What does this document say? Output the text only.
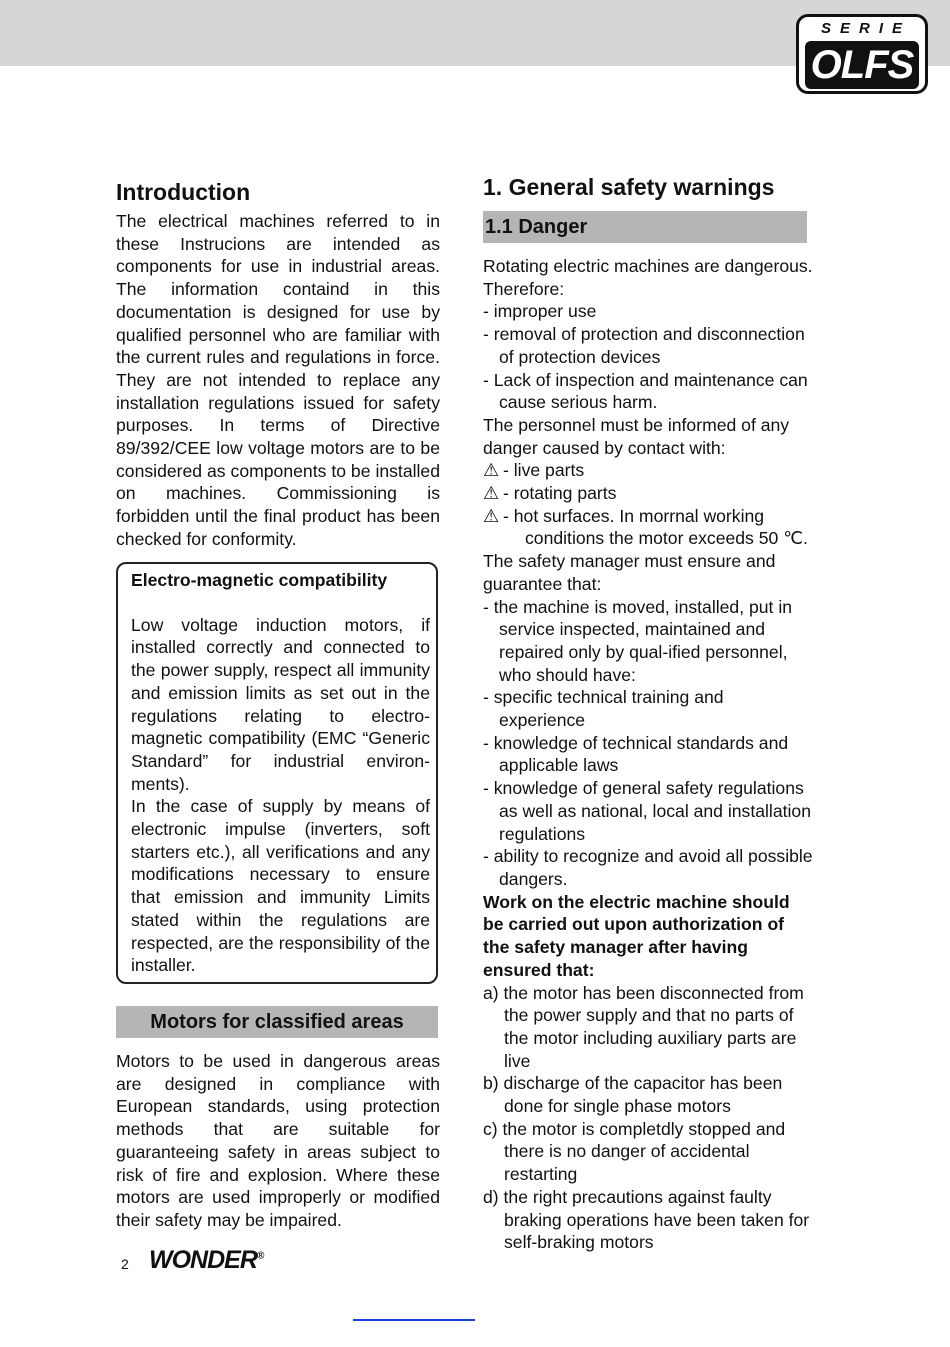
SERIE
OLFS
Introduction

The electrical machines referred to in these Instrucions are intended as components for use in industrial areas. The information containd in this documentation is designed for use by qualified personnel who are familiar with the current rules and regulations in force. They are not intended to replace any installation regulations issued for safety purposes. In terms of Directive 89/392/CEE low voltage motors are to be considered as components to be installed on machines. Commissioning is forbidden until the final product has been checked for conformity.

Electro-magnetic compatibility

Low voltage induction motors, if installed correctly and connected to the power supply, respect all immunity and emission limits as set out in the regulations relating to electro-magnetic compatibility (EMC “Generic Standard” for industrial environ-ments).

In the case of supply by means of electronic impulse (inverters, soft starters etc.), all verifications and any modifications necessary to ensure that emission and immunity Limits stated within the regulations are respected, are the responsibility of the installer.

Motors for classified areas

Motors to be used in dangerous areas are designed in compliance with European standards, using protection methods that are suitable for guaranteeing safety in areas subject to risk of fire and explosion. Where these motors are used improperly or modified their safety may be impaired.

1. General safety warnings
1.1 Danger

Rotating electric machines are dangerous. Therefore:

- improper use

- removal of protection and disconnection of protection devices

- Lack of inspection and maintenance can cause serious harm.

The personnel must be informed of any danger caused by contact with:

⚠ - live parts

⚠ - rotating parts

⚠ - hot surfaces. In morrnal working conditions the motor exceeds 50 ℃.

The safety manager must ensure and guarantee that:

- the machine is moved, installed, put in service inspected, maintained and repaired only by qual-ified personnel, who should have:

- specific technical training and experience

- knowledge of technical standards and applicable laws

- knowledge of general safety regulations as well as national, local and installation regulations

- ability to recognize and avoid all possible dangers.

Work on the electric machine should be carried out upon authorization of the safety manager after having ensured that:

a) the motor has been disconnected from the power supply and that no parts of the motor including auxiliary parts are live

b) discharge of the capacitor has been done for single phase motors

c) the motor is completdly stopped and there is no danger of accidental restarting

d) the right precautions against faulty braking operations have been taken for self-braking motors

2 WONDER®
